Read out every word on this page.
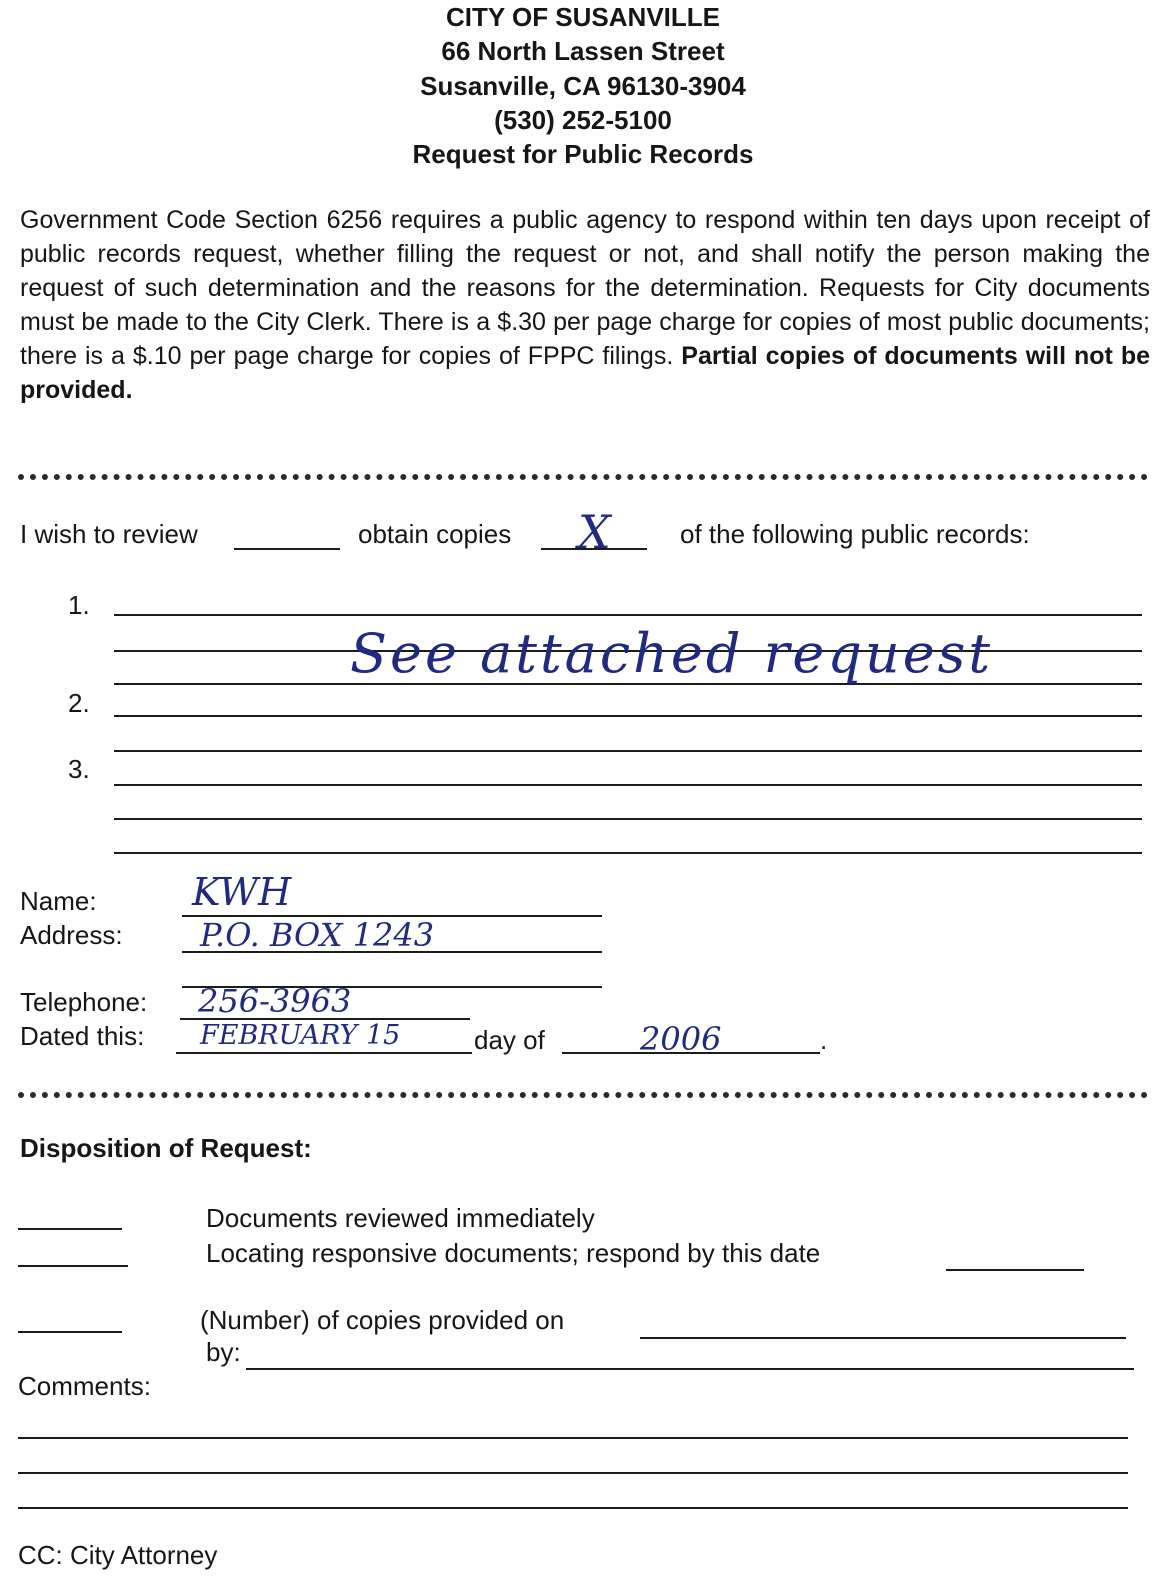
CITY OF SUSANVILLE
66 North Lassen Street
Susanville, CA 96130-3904
(530) 252-5100
Request for Public Records
Government Code Section 6256 requires a public agency to respond within ten days upon receipt of public records request, whether filling the request or not, and shall notify the person making the request of such determination and the reasons for the determination. Requests for City documents must be made to the City Clerk. There is a $.30 per page charge for copies of most public documents; there is a $.10 per page charge for copies of FPPC filings. Partial copies of documents will not be provided.
I wish to review	obtain copies X	of the following public records:
1.
2.
3.
See attached request
Name:	KWH
Address: P.O. BOX 1243
Telephone: 256-3963
Dated this: FEBRUARY 15	day of	2006	.
Disposition of Request:
Documents reviewed immediately
Locating responsive documents; respond by this date
(Number) of copies provided on
by:
Comments:
CC: City Attorney
